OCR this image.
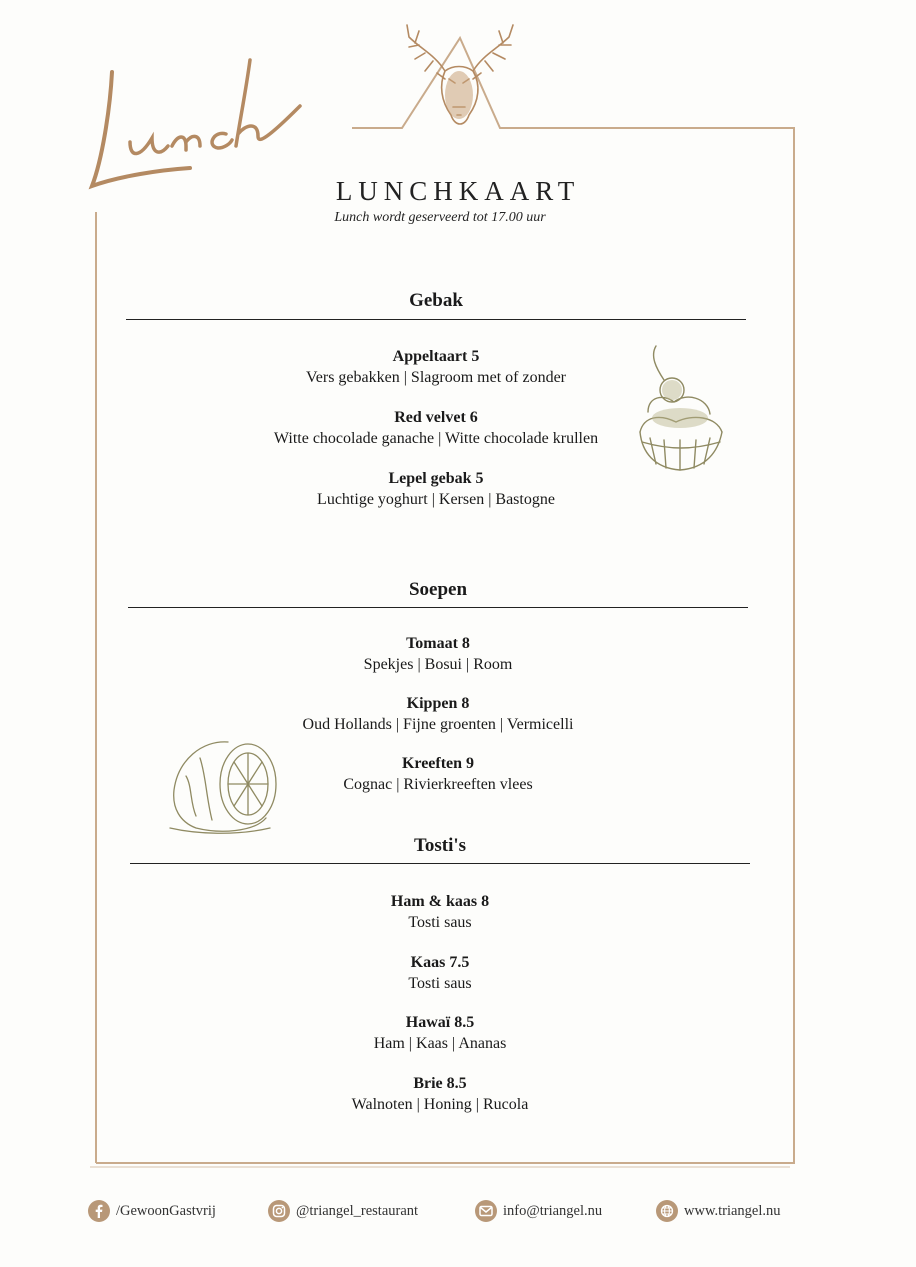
LUNCHKAART
Lunch wordt geserveerd tot 17.00 uur
Gebak
Appeltaart 5
Vers gebakken | Slagroom met of zonder
Red velvet 6
Witte chocolade ganache | Witte chocolade krullen
Lepel gebak 5
Luchtige yoghurt | Kersen | Bastogne
Soepen
Tomaat 8
Spekjes | Bosui | Room
Kippen 8
Oud Hollands | Fijne groenten | Vermicelli
Kreeften 9
Cognac | Rivierkreeften vlees
Tosti's
Ham & kaas 8
Tosti saus
Kaas 7.5
Tosti saus
Hawaï 8.5
Ham | Kaas | Ananas
Brie 8.5
Walnoten | Honing | Rucola
/GewoonGastvrij	@triangel_restaurant	info@triangel.nu	www.triangel.nu
